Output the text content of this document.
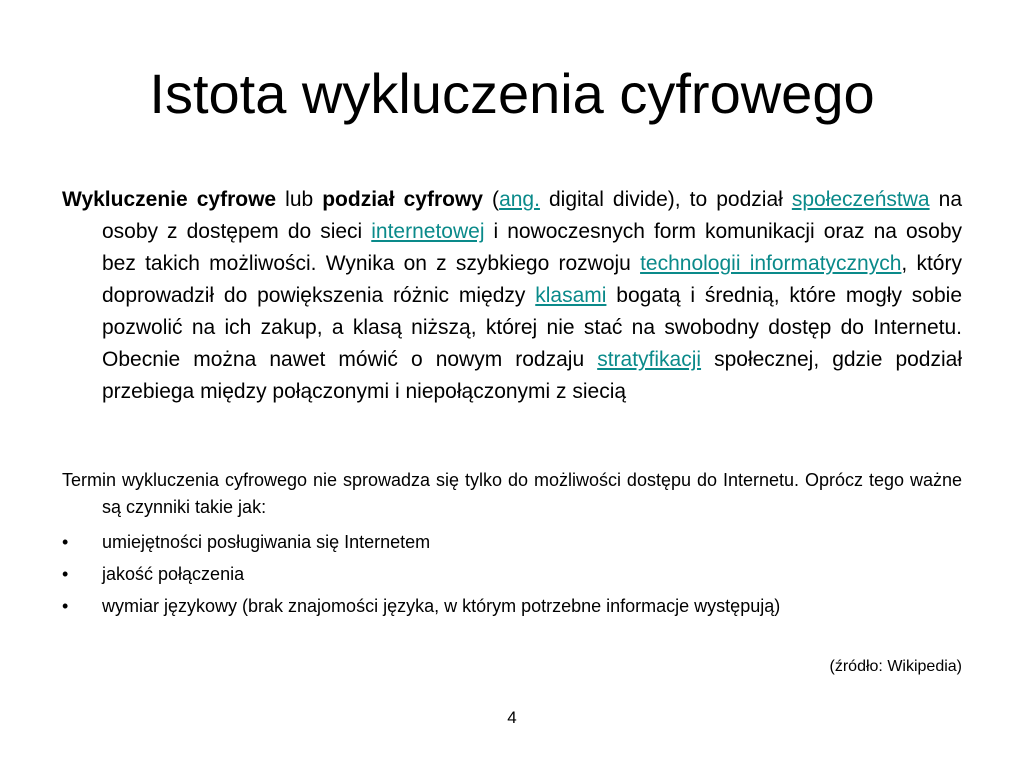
Istota wykluczenia cyfrowego
Wykluczenie cyfrowe lub podział cyfrowy (ang. digital divide), to podział społeczeństwa na osoby z dostępem do sieci internetowej i nowoczesnych form komunikacji oraz na osoby bez takich możliwości. Wynika on z szybkiego rozwoju technologii informatycznych, który doprowadził do powiększenia różnic między klasami bogatą i średnią, które mogły sobie pozwolić na ich zakup, a klasą niższą, której nie stać na swobodny dostęp do Internetu. Obecnie można nawet mówić o nowym rodzaju stratyfikacji społecznej, gdzie podział przebiega między połączonymi i niepołączonymi z siecią
Termin wykluczenia cyfrowego nie sprowadza się tylko do możliwości dostępu do Internetu. Oprócz tego ważne są czynniki takie jak:
• umiejętności posługiwania się Internetem
• jakość połączenia
• wymiar językowy (brak znajomości języka, w którym potrzebne informacje występują)
(źródło: Wikipedia)
4
